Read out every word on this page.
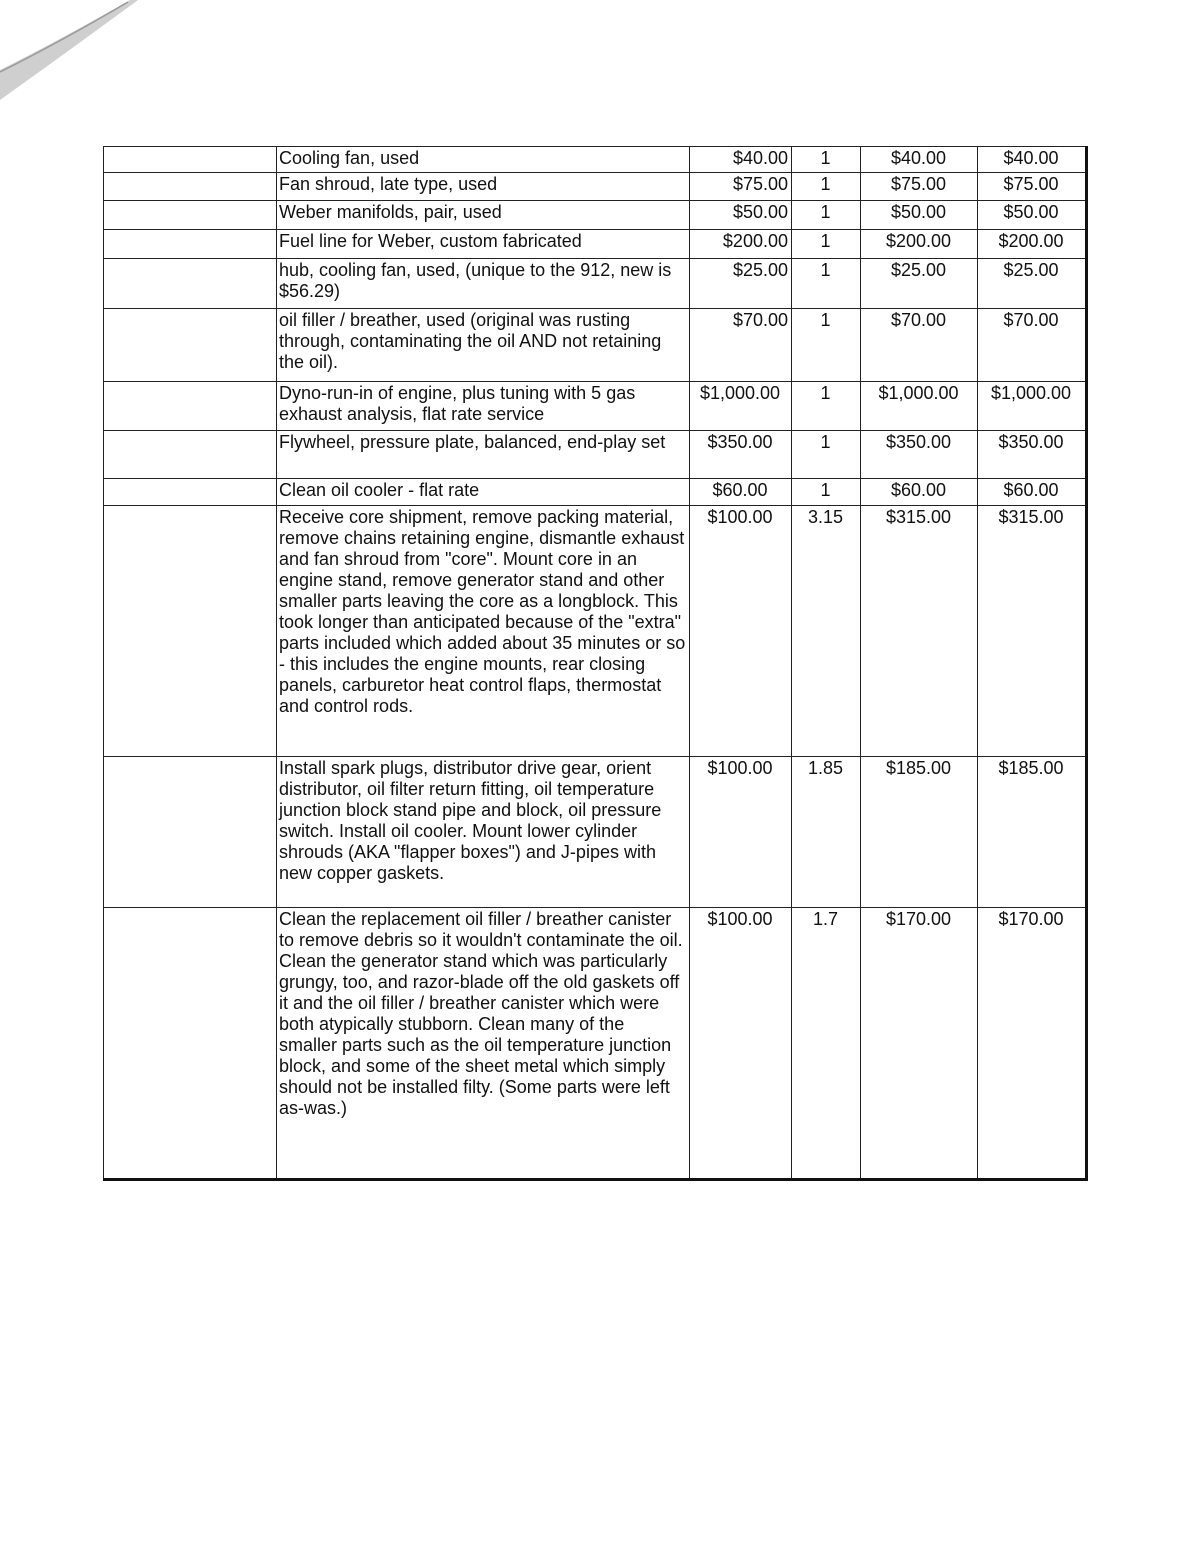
	Cooling fan, used	$40.00	1	$40.00	$40.00
	Fan shroud, late type, used	$75.00	1	$75.00	$75.00
	Weber manifolds, pair, used	$50.00	1	$50.00	$50.00
	Fuel line for Weber, custom fabricated	$200.00	1	$200.00	$200.00
	hub, cooling fan, used, (unique to the 912, new is $56.29)	$25.00	1	$25.00	$25.00
	oil filler / breather, used (original was rusting through, contaminating the oil AND not retaining the oil).	$70.00	1	$70.00	$70.00
	Dyno-run-in of engine, plus tuning with 5 gas exhaust analysis, flat rate service	$1,000.00	1	$1,000.00	$1,000.00
	Flywheel, pressure plate, balanced, end-play set	$350.00	1	$350.00	$350.00
	Clean oil cooler - flat rate	$60.00	1	$60.00	$60.00
	Receive core shipment, remove packing material, remove chains retaining engine, dismantle exhaust and fan shroud from "core". Mount core in an engine stand, remove generator stand and other smaller parts leaving the core as a longblock. This took longer than anticipated because of the "extra" parts included which added about 35 minutes or so - this includes the engine mounts, rear closing panels, carburetor heat control flaps, thermostat and control rods.	$100.00	3.15	$315.00	$315.00
	Install spark plugs, distributor drive gear, orient distributor, oil filter return fitting, oil temperature junction block stand pipe and block, oil pressure switch. Install oil cooler. Mount lower cylinder shrouds (AKA "flapper boxes") and J-pipes with new copper gaskets.	$100.00	1.85	$185.00	$185.00
	Clean the replacement oil filler / breather canister to remove debris so it wouldn't contaminate the oil. Clean the generator stand which was particularly grungy, too, and razor-blade off the old gaskets off it and the oil filler / breather canister which were both atypically stubborn. Clean many of the smaller parts such as the oil temperature junction block, and some of the sheet metal which simply should not be installed filty. (Some parts were left as-was.)	$100.00	1.7	$170.00	$170.00
